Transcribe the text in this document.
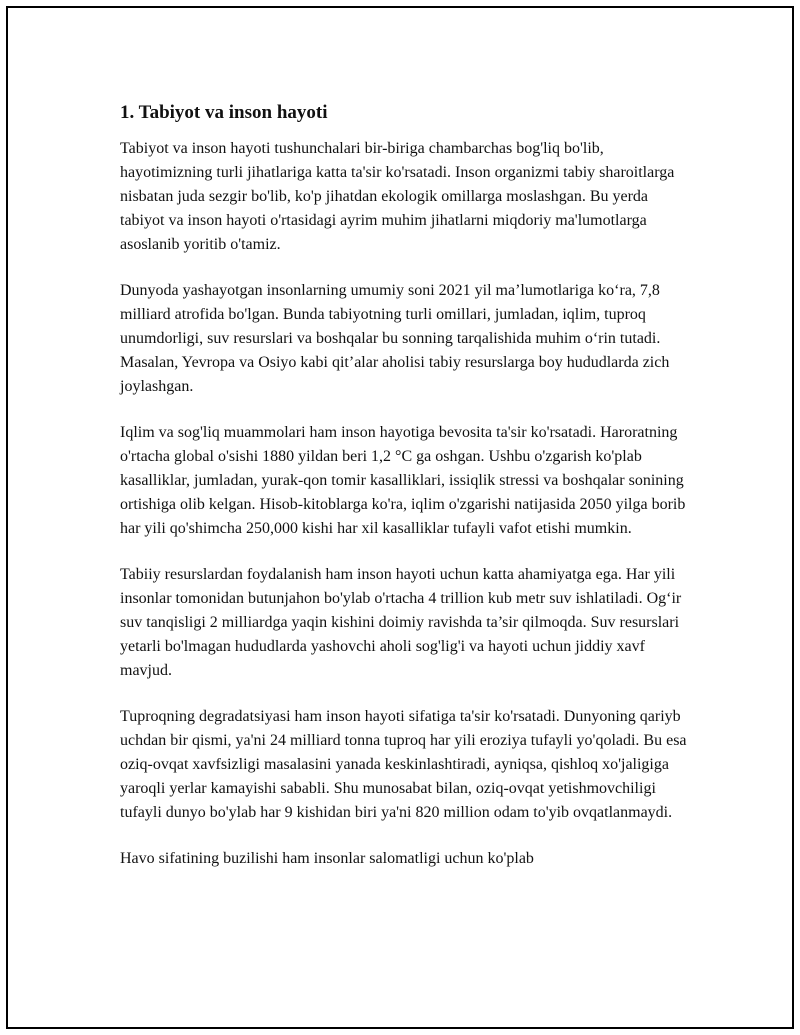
1. Tabiyot va inson hayoti

Tabiyot va inson hayoti tushunchalari bir-biriga chambarchas bog'liq bo'lib, hayotimizning turli jihatlariga katta ta'sir ko'rsatadi. Inson organizmi tabiy sharoitlarga nisbatan juda sezgir bo'lib, ko'p jihatdan ekologik omillarga moslashgan. Bu yerda tabiyot va inson hayoti o'rtasidagi ayrim muhim jihatlarni miqdoriy ma'lumotlarga asoslanib yoritib o'tamiz.

Dunyoda yashayotgan insonlarning umumiy soni 2021 yil ma’lumotlariga ko‘ra, 7,8 milliard atrofida bo'lgan. Bunda tabiyotning turli omillari, jumladan, iqlim, tuproq unumdorligi, suv resurslari va boshqalar bu sonning tarqalishida muhim o‘rin tutadi. Masalan, Yevropa va Osiyo kabi qit’alar aholisi tabiy resurslarga boy hududlarda zich joylashgan.

Iqlim va sog'liq muammolari ham inson hayotiga bevosita ta'sir ko'rsatadi. Haroratning o'rtacha global o'sishi 1880 yildan beri 1,2 °C ga oshgan. Ushbu o'zgarish ko'plab kasalliklar, jumladan, yurak-qon tomir kasalliklari, issiqlik stressi va boshqalar sonining ortishiga olib kelgan. Hisob-kitoblarga ko'ra, iqlim o'zgarishi natijasida 2050 yilga borib har yili qo'shimcha 250,000 kishi har xil kasalliklar tufayli vafot etishi mumkin.

Tabiiy resurslardan foydalanish ham inson hayoti uchun katta ahamiyatga ega. Har yili insonlar tomonidan butunjahon bo'ylab o'rtacha 4 trillion kub metr suv ishlatiladi. Og‘ir suv tanqisligi 2 milliardga yaqin kishini doimiy ravishda ta’sir qilmoqda. Suv resurslari yetarli bo'lmagan hududlarda yashovchi aholi sog'lig'i va hayoti uchun jiddiy xavf mavjud.

Tuproqning degradatsiyasi ham inson hayoti sifatiga ta'sir ko'rsatadi. Dunyoning qariyb uchdan bir qismi, ya'ni 24 milliard tonna tuproq har yili eroziya tufayli yo'qoladi. Bu esa oziq-ovqat xavfsizligi masalasini yanada keskinlashtiradi, ayniqsa, qishloq xo'jaligiga yaroqli yerlar kamayishi sababli. Shu munosabat bilan, oziq-ovqat yetishmovchiligi tufayli dunyo bo'ylab har 9 kishidan biri ya'ni 820 million odam to'yib ovqatlanmaydi.

Havo sifatining buzilishi ham insonlar salomatligi uchun ko'plab
